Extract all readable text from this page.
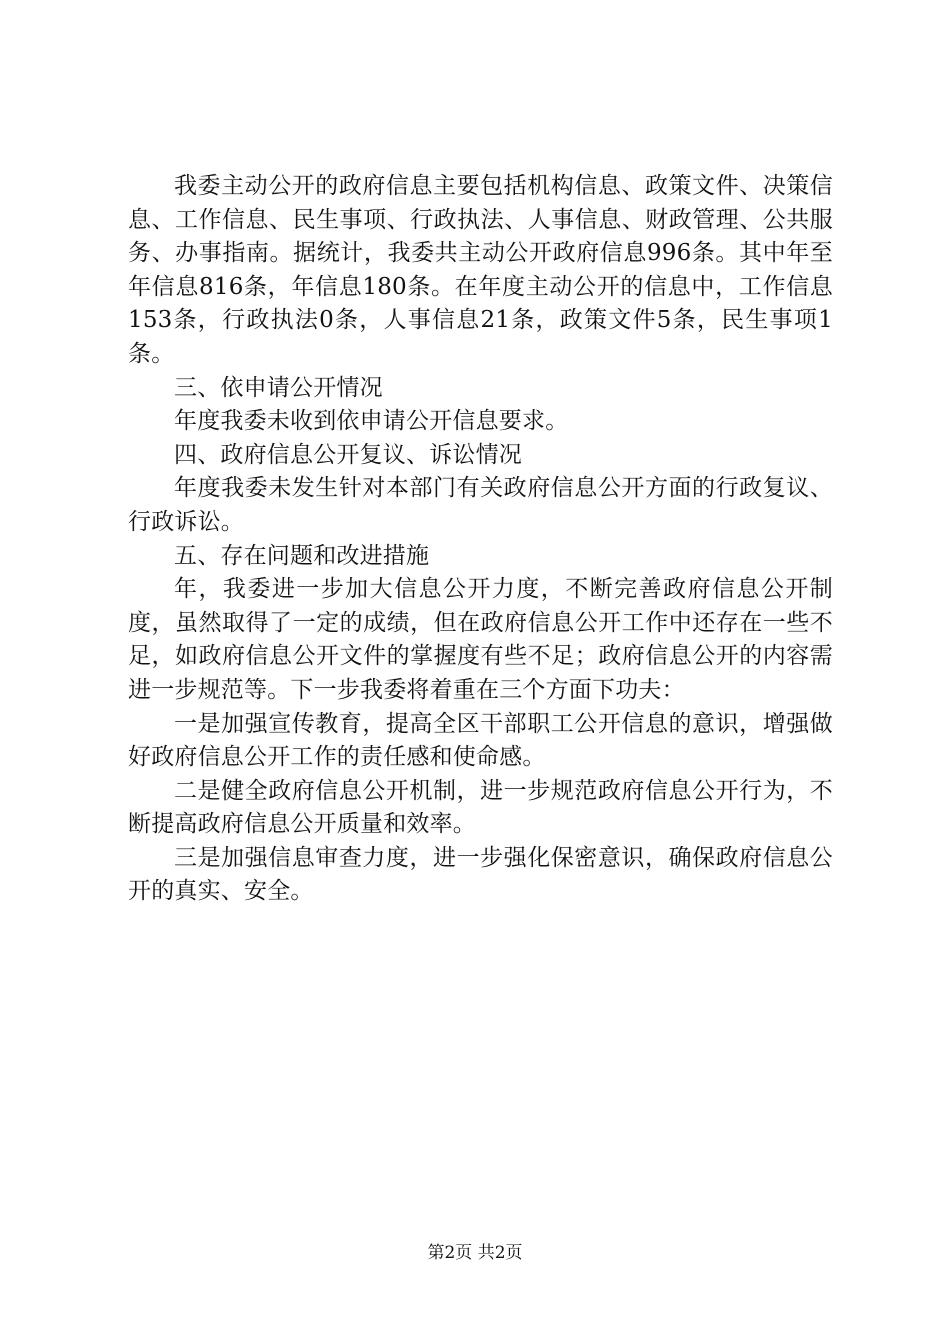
我委主动公开的政府信息主要包括机构信息、政策文件、决策信息、工作信息、民生事项、行政执法、人事信息、财政管理、公共服务、办事指南。据统计，我委共主动公开政府信息996条。其中年至年信息816条，年信息180条。在年度主动公开的信息中，工作信息153条，行政执法0条，人事信息21条，政策文件5条，民生事项1条。

三、依申请公开情况

年度我委未收到依申请公开信息要求。

四、政府信息公开复议、诉讼情况

年度我委未发生针对本部门有关政府信息公开方面的行政复议、行政诉讼。

五、存在问题和改进措施

年，我委进一步加大信息公开力度，不断完善政府信息公开制度，虽然取得了一定的成绩，但在政府信息公开工作中还存在一些不足，如政府信息公开文件的掌握度有些不足；政府信息公开的内容需进一步规范等。下一步我委将着重在三个方面下功夫：

一是加强宣传教育，提高全区干部职工公开信息的意识，增强做好政府信息公开工作的责任感和使命感。

二是健全政府信息公开机制，进一步规范政府信息公开行为，不断提高政府信息公开质量和效率。

三是加强信息审查力度，进一步强化保密意识，确保政府信息公开的真实、安全。

第2页 共2页
